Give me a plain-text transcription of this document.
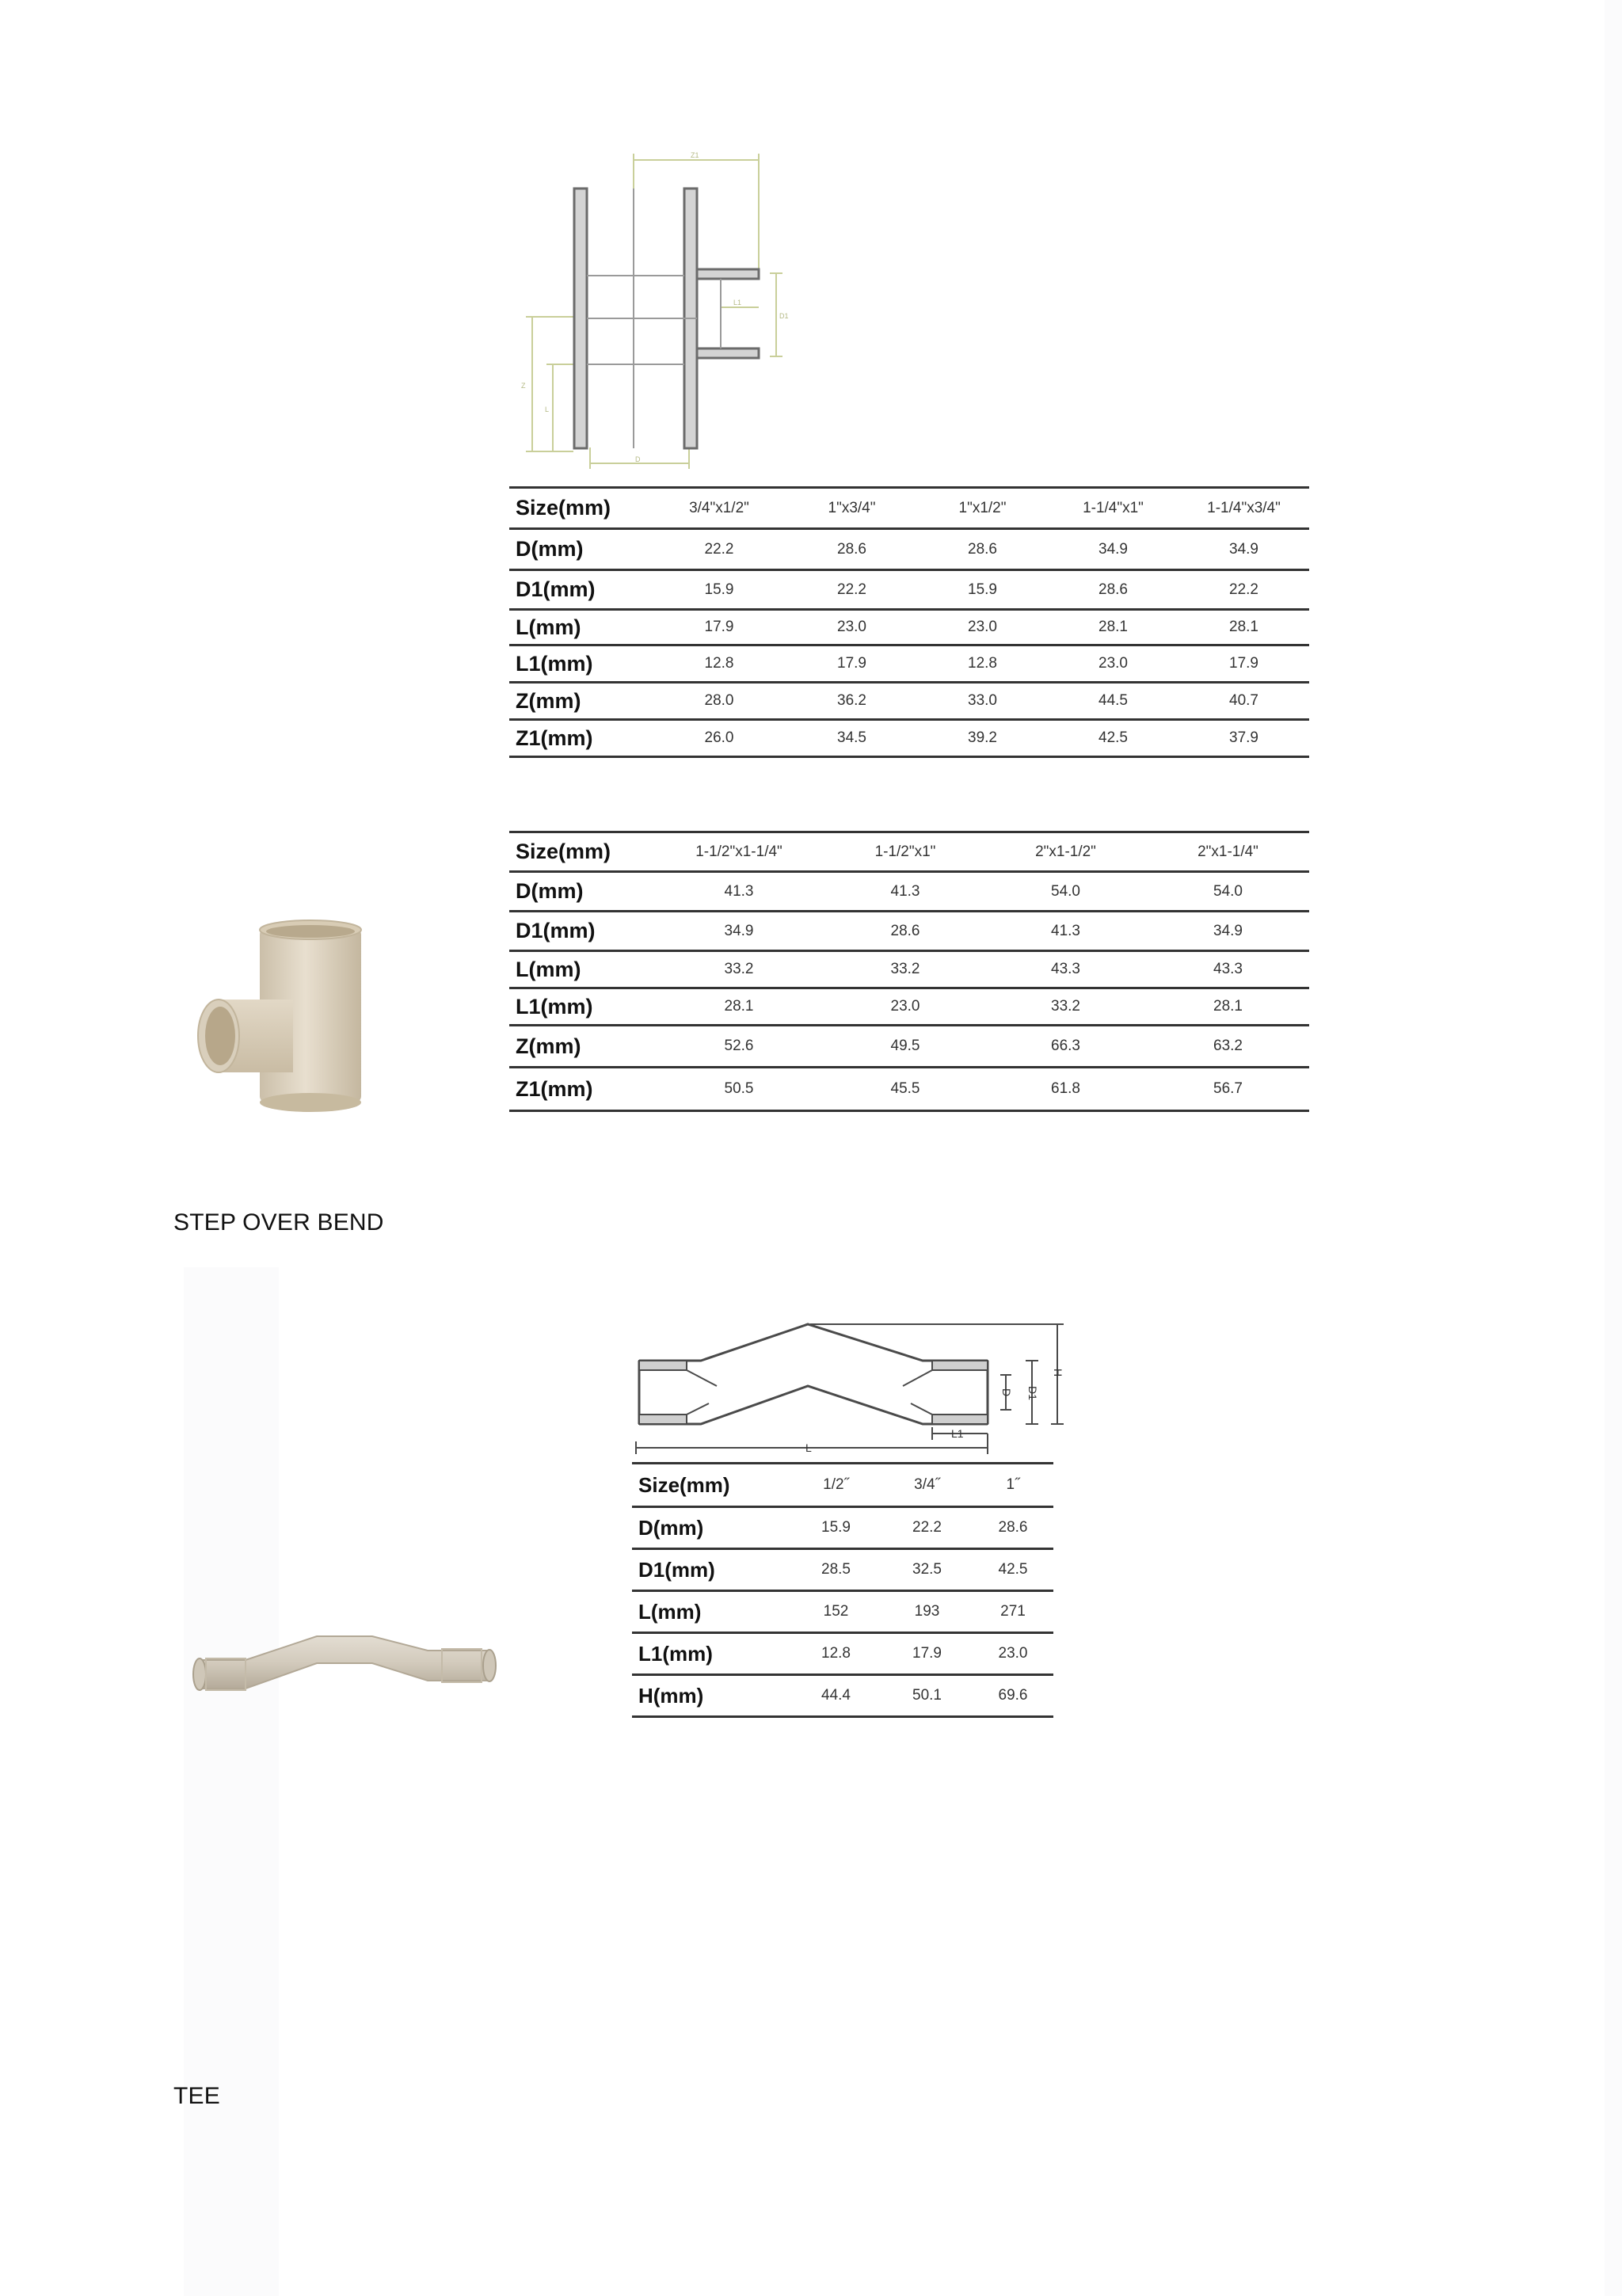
Z1
L1
D1
Z
L
D
Size(mm)	3/4"x1/2"	1"x3/4"	1"x1/2"	1-1/4"x1"	1-1/4"x3/4"
D(mm)	22.2	28.6	28.6	34.9	34.9
D1(mm)	15.9	22.2	15.9	28.6	22.2
L(mm)	17.9	23.0	23.0	28.1	28.1
L1(mm)	12.8	17.9	12.8	23.0	17.9
Z(mm)	28.0	36.2	33.0	44.5	40.7
Z1(mm)	26.0	34.5	39.2	42.5	37.9
Size(mm)	1-1/2"x1-1/4"	1-1/2"x1"	2"x1-1/2"	2"x1-1/4"
D(mm)	41.3	41.3	54.0	54.0
D1(mm)	34.9	28.6	41.3	34.9
L(mm)	33.2	33.2	43.3	43.3
L1(mm)	28.1	23.0	33.2	28.1
Z(mm)	52.6	49.5	66.3	63.2
Z1(mm)	50.5	45.5	61.8	56.7
STEP OVER BEND
L
L1
D D1
H
Size(mm)	1/2˝	3/4˝	1˝
D(mm)	15.9	22.2	28.6
D1(mm)	28.5	32.5	42.5
L(mm)	152	193	271
L1(mm)	12.8	17.9	23.0
H(mm)	44.4	50.1	69.6
TEE
